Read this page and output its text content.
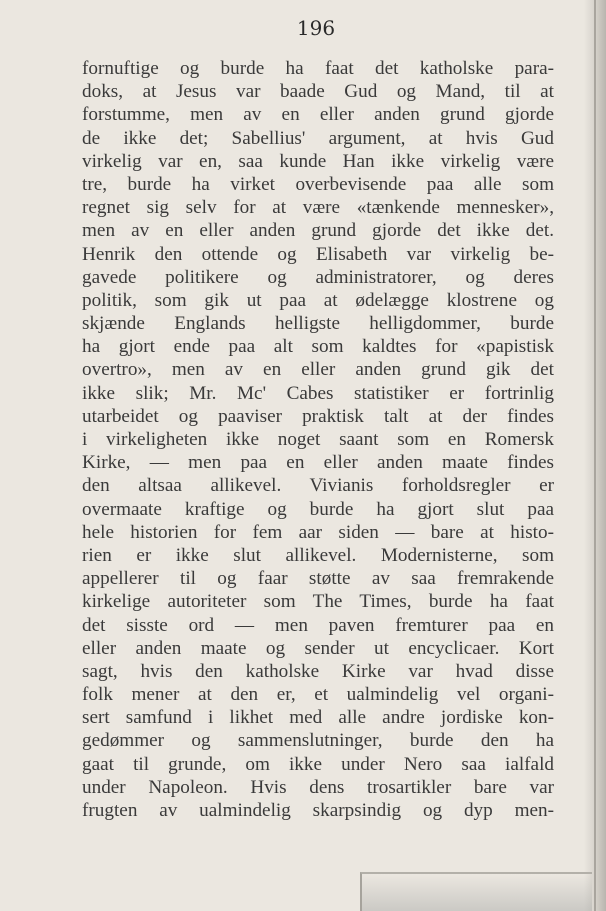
196

fornuftige og burde ha faat det katholske para-
doks, at Jesus var baade Gud og Mand, til at
forstumme, men av en eller anden grund gjorde
de ikke det; Sabellius' argument, at hvis Gud
virkelig var en, saa kunde Han ikke virkelig være
tre, burde ha virket overbevisende paa alle som
regnet sig selv for at være «tænkende mennesker»,
men av en eller anden grund gjorde det ikke det.
Henrik den ottende og Elisabeth var virkelig be-
gavede politikere og administratorer, og deres
politik, som gik ut paa at ødelægge klostrene og
skjænde Englands helligste helligdommer, burde
ha gjort ende paa alt som kaldtes for «papistisk
overtro», men av en eller anden grund gik det
ikke slik; Mr. Mc' Cabes statistiker er fortrinlig
utarbeidet og paaviser praktisk talt at der findes
i virkeligheten ikke noget saant som en Romersk
Kirke, — men paa en eller anden maate findes
den altsaa allikevel. Vivianis forholdsregler er
overmaate kraftige og burde ha gjort slut paa
hele historien for fem aar siden — bare at histo-
rien er ikke slut allikevel. Modernisterne, som
appellerer til og faar støtte av saa fremrakende
kirkelige autoriteter som The Times, burde ha faat
det sisste ord — men paven fremturer paa en
eller anden maate og sender ut encyclicaer. Kort
sagt, hvis den katholske Kirke var hvad disse
folk mener at den er, et ualmindelig vel organi-
sert samfund i likhet med alle andre jordiske kon-
gedømmer og sammenslutninger, burde den ha
gaat til grunde, om ikke under Nero saa ialfald
under Napoleon. Hvis dens trosartikler bare var
frugten av ualmindelig skarpsindig og dyp men-
